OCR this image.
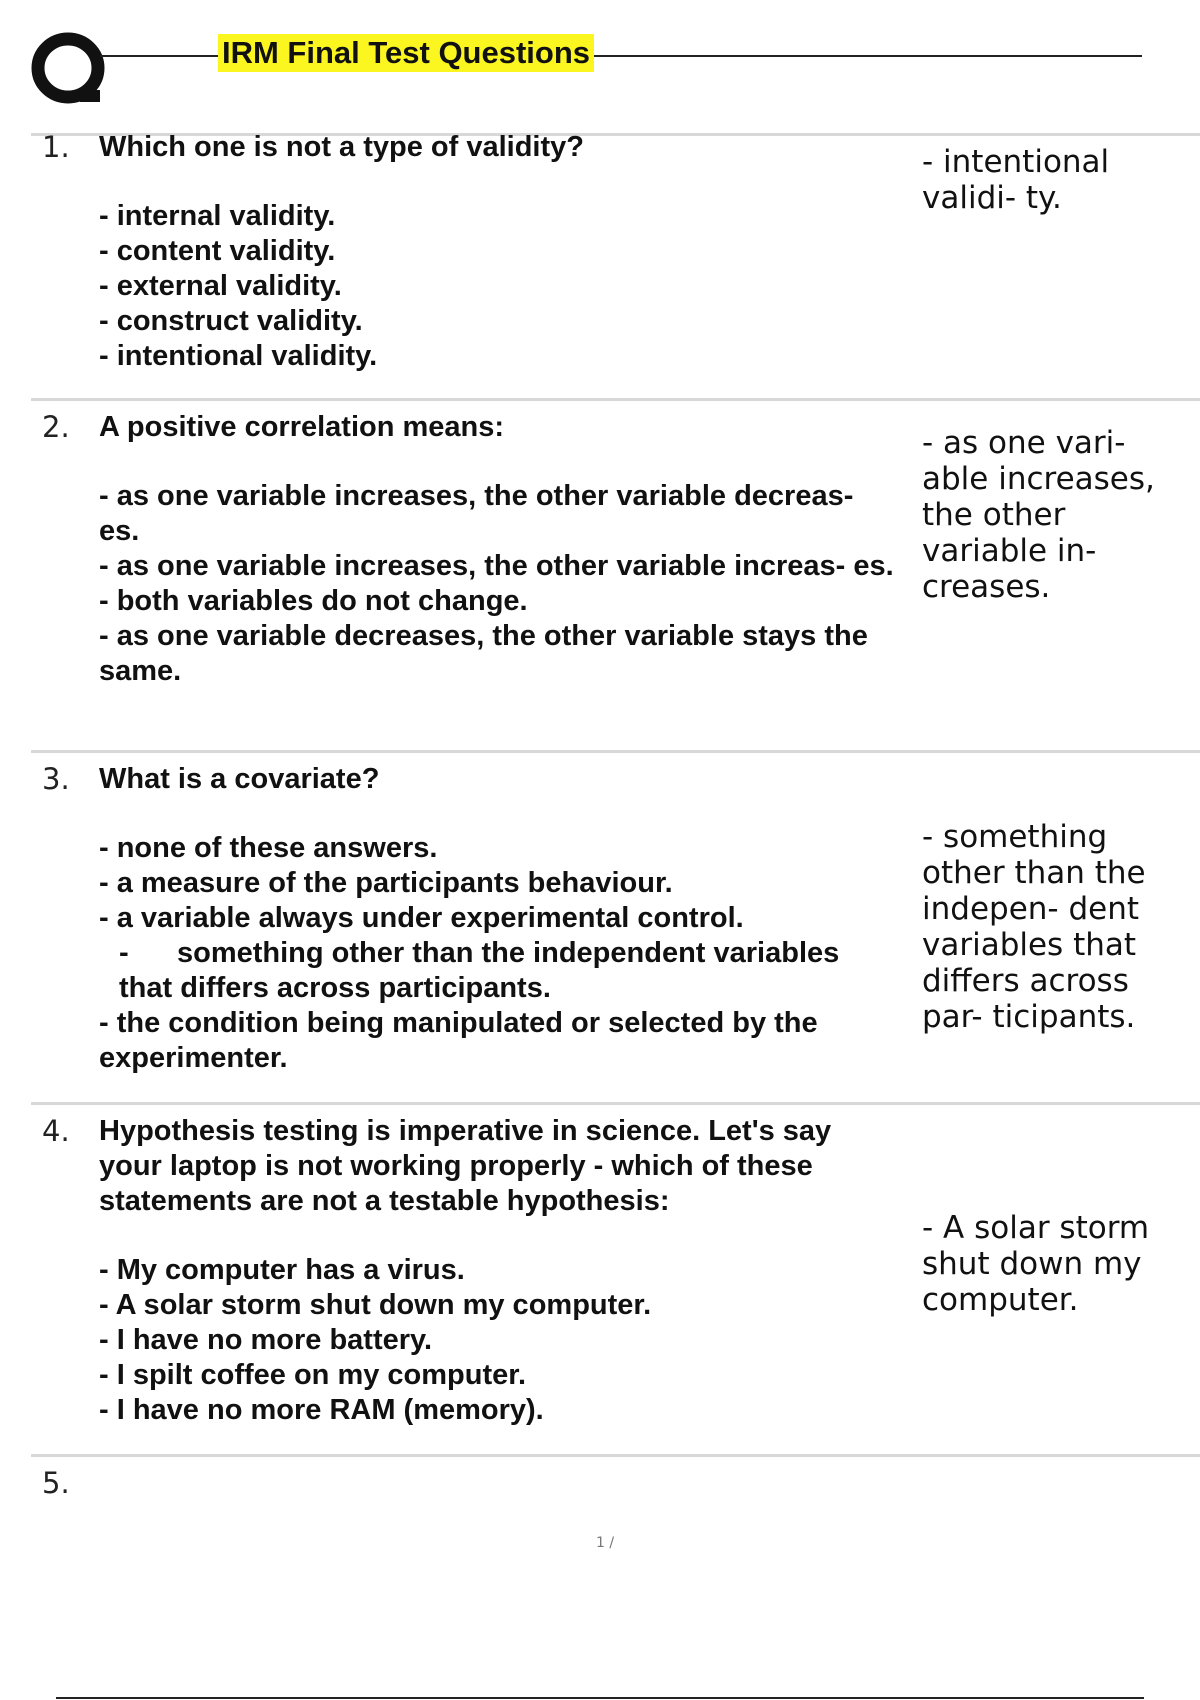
IRM Final Test Questions
1. Which one is not a type of validity?
- internal validity.
- content validity.
- external validity.
- construct validity.
- intentional validity.
- intentional validi- ty.
2. A positive correlation means:
- as one variable increases, the other variable decreas- es.
- as one variable increases, the other variable increas- es.
- both variables do not change.
- as one variable decreases, the other variable stays the same.
- as one vari- able increases, the other variable in- creases.
3. What is a covariate?
- none of these answers.
- a measure of the participants behaviour.
- a variable always under experimental control.
-      something other than the independent variables that differs across participants.
- the condition being manipulated or selected by the experimenter.
- something other than the indepen- dent variables that differs across par- ticipants.
4. Hypothesis testing is imperative in science. Let's say your laptop is not working properly - which of these statements are not a testable hypothesis:
- My computer has a virus.
- A solar storm shut down my computer.
- I have no more battery.
- I spilt coffee on my computer.
- I have no more RAM (memory).
- A solar storm shut down my computer.
5.
1 /
